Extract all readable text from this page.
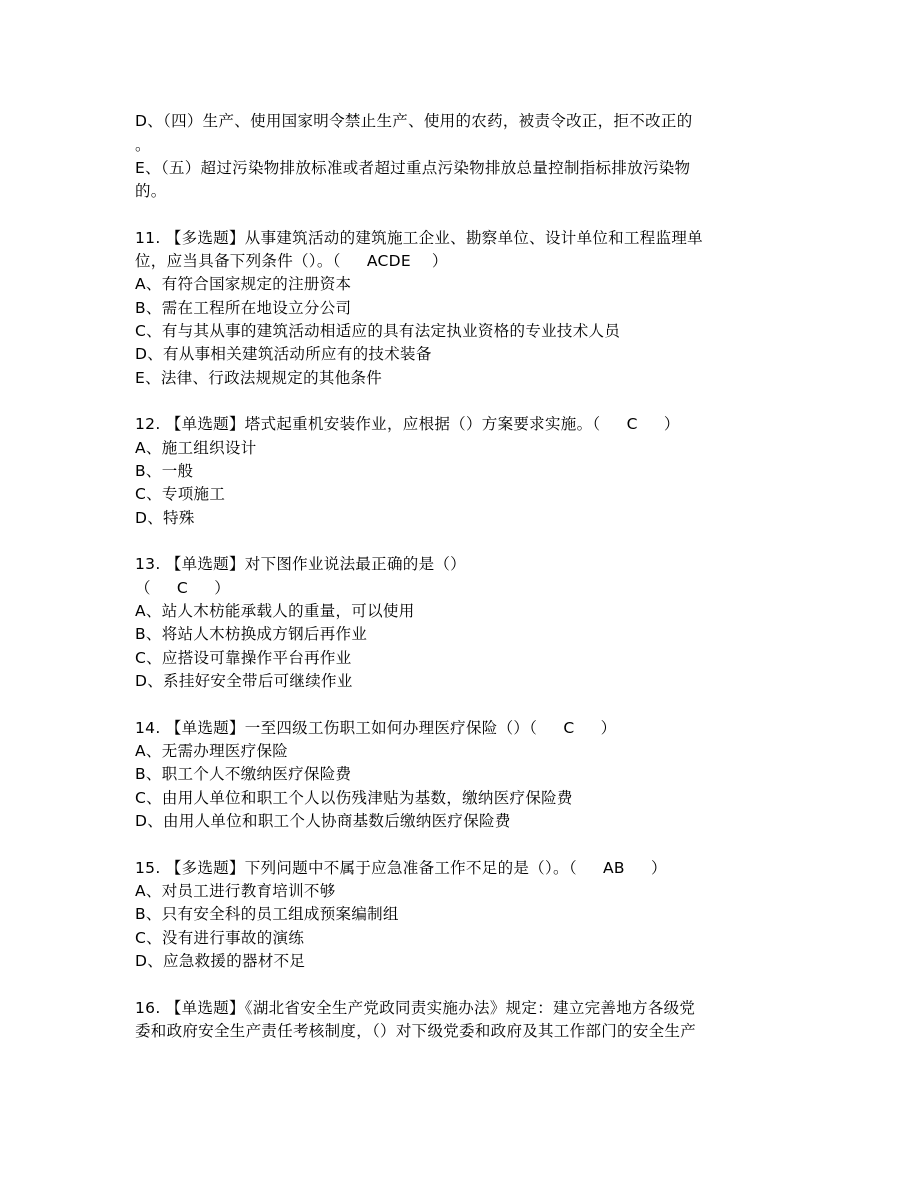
D、（四）生产、使用国家明令禁止生产、使用的农药，被责令改正，拒不改正的
。
E、（五）超过污染物排放标准或者超过重点污染物排放总量控制指标排放污染物
的。
11. 【多选题】从事建筑活动的建筑施工企业、勘察单位、设计单位和工程监理单
位，应当具备下列条件（）。（     ACDE    ）
A、有符合国家规定的注册资本
B、需在工程所在地设立分公司
C、有与其从事的建筑活动相适应的具有法定执业资格的专业技术人员
D、有从事相关建筑活动所应有的技术装备
E、法律、行政法规规定的其他条件
12. 【单选题】塔式起重机安装作业，应根据（）方案要求实施。（     C     ）
A、施工组织设计
B、一般
C、专项施工
D、特殊
13. 【单选题】对下图作业说法最正确的是（）
（     C     ）
A、站人木枋能承载人的重量，可以使用
B、将站人木枋换成方钢后再作业
C、应搭设可靠操作平台再作业
D、系挂好安全带后可继续作业
14. 【单选题】一至四级工伤职工如何办理医疗保险（）（     C     ）
A、无需办理医疗保险
B、职工个人不缴纳医疗保险费
C、由用人单位和职工个人以伤残津贴为基数，缴纳医疗保险费
D、由用人单位和职工个人协商基数后缴纳医疗保险费
15. 【多选题】下列问题中不属于应急准备工作不足的是（）。（     AB     ）
A、对员工进行教育培训不够
B、只有安全科的员工组成预案编制组
C、没有进行事故的演练
D、应急救援的器材不足
16. 【单选题】《湖北省安全生产党政同责实施办法》规定：建立完善地方各级党
委和政府安全生产责任考核制度，（）对下级党委和政府及其工作部门的安全生产
